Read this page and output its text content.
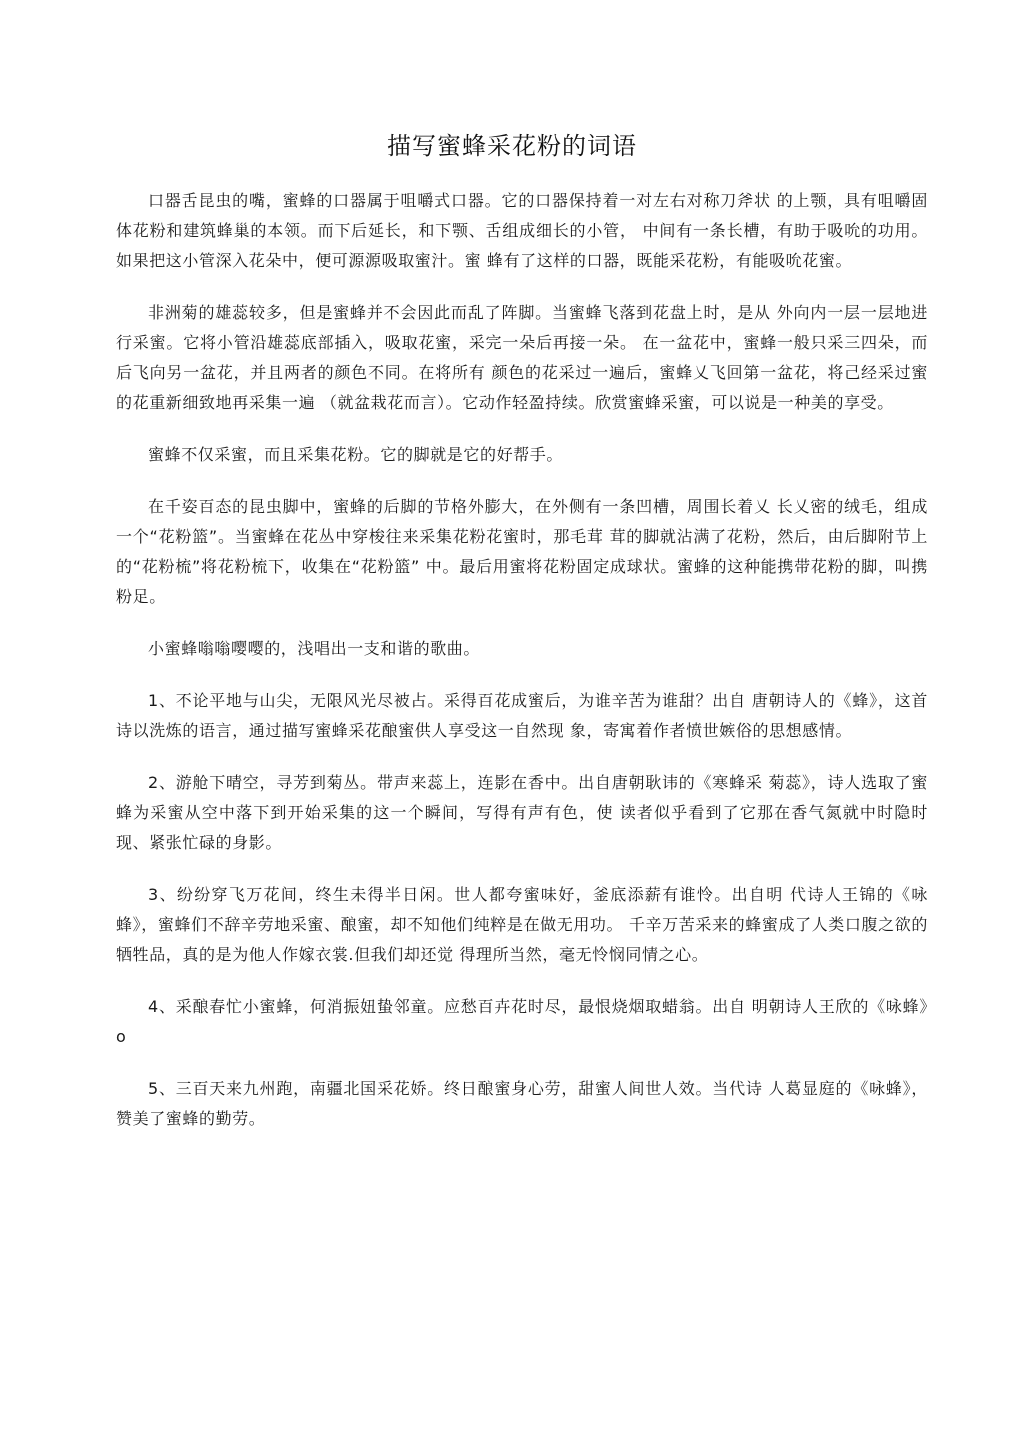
描写蜜蜂采花粉的词语

口器舌昆虫的嘴，蜜蜂的口器属于咀嚼式口器。它的口器保持着一对左右对称刀斧状 的上颚，具有咀嚼固体花粉和建筑蜂巢的本领。而下后延长，和下颚、舌组成细长的小管， 中间有一条长槽，有助于吸吮的功用。如果把这小管深入花朵中，便可源源吸取蜜汁。蜜 蜂有了这样的口器，既能采花粉，有能吸吮花蜜。

非洲菊的雄蕊较多，但是蜜蜂并不会因此而乱了阵脚。当蜜蜂飞落到花盘上时，是从 外向内一层一层地进行采蜜。它将小管沿雄蕊底部插入，吸取花蜜，采完一朵后再接一朵。 在一盆花中，蜜蜂一般只采三四朵，而后飞向另一盆花，并且两者的颜色不同。在将所有 颜色的花采过一遍后，蜜蜂乂飞回第一盆花，将己经采过蜜的花重新细致地再采集一遍 （就盆栽花而言）。它动作轻盈持续。欣赏蜜蜂采蜜，可以说是一种美的享受。

蜜蜂不仅采蜜，而且采集花粉。它的脚就是它的好帮手。

在千姿百态的昆虫脚中，蜜蜂的后脚的节格外膨大，在外侧有一条凹槽，周围长着乂 长乂密的绒毛，组成一个“花粉篮”。当蜜蜂在花丛中穿梭往来采集花粉花蜜时，那毛茸 茸的脚就沾满了花粉，然后，由后脚附节上的“花粉梳”将花粉梳下，收集在“花粉篮” 中。最后用蜜将花粉固定成球状。蜜蜂的这种能携带花粉的脚，叫携粉足。

小蜜蜂嗡嗡嘤嘤的，浅唱出一支和谐的歌曲。

1、不论平地与山尖，无限风光尽被占。采得百花成蜜后，为谁辛苦为谁甜？出自 唐朝诗人的《蜂》，这首诗以洗炼的语言，通过描写蜜蜂采花酿蜜供人享受这一自然现 象，寄寓着作者愤世嫉俗的思想感情。

2、游舱下晴空，寻芳到菊丛。带声来蕊上，连影在香中。出自唐朝耿讳的《寒蜂采 菊蕊》，诗人选取了蜜蜂为采蜜从空中落下到开始采集的这一个瞬间，写得有声有色，使 读者似乎看到了它那在香气氮就中时隐时现、紧张忙碌的身影。

3、纷纷穿飞万花间，终生未得半日闲。世人都夸蜜味好，釜底添薪有谁怜。出自明 代诗人王锦的《咏蜂》，蜜蜂们不辞辛劳地采蜜、酿蜜，却不知他们纯粹是在做无用功。 千辛万苦采来的蜂蜜成了人类口腹之欲的牺牲品，真的是为他人作嫁衣裳.但我们却还觉 得理所当然，毫无怜悯同情之心。

4、采酿春忙小蜜蜂，何消振妞蛰邻童。应愁百卉花时尽，最恨烧烟取蜡翁。出自 明朝诗人王欣的《咏蜂》o

5、三百天来九州跑，南疆北国采花娇。终日酿蜜身心劳，甜蜜人间世人效。当代诗 人葛显庭的《咏蜂》，赞美了蜜蜂的勤劳。
